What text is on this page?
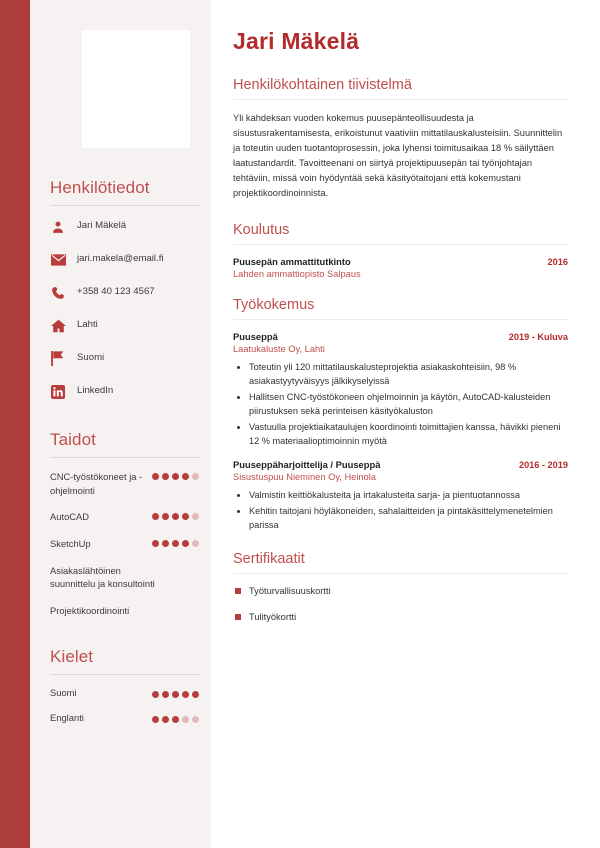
Henkilötiedot
Jari Mäkelä
jari.makela@email.fi
+358 40 123 4567
Lahti
Suomi
LinkedIn
Taidot
CNC-työstökoneet ja -ohjelmointi
AutoCAD
SketchUp
Asiakaslähtöinen suunnittelu ja konsultointi
Projektikoordinointi
Kielet
Suomi
Englanti
Jari Mäkelä
Henkilökohtainen tiivistelmä

Yli kahdeksan vuoden kokemus puusepänteollisuudesta ja sisustusrakentamisesta, erikoistunut vaativiin mittatilauskalusteisiin. Suunnittelin ja toteutin uuden tuotantoprosessin, joka lyhensi toimitusaikaa 18 % säilyttäen laatustandardit. Tavoitteenani on siirtyä projektipuusepän tai työnjohtajan tehtäviin, missä voin hyödyntää sekä käsityötaitojani että kokemustani projektikoordinoinnista.

Koulutus
Puusepän ammattitutkinto	2016
Lahden ammattiopisto Salpaus
Työkokemus
Puuseppä	2019 - Kuluva
Laatukaluste Oy, Lahti
Toteutin yli 120 mittatilauskalusteprojektia asiakaskohteisiin, 98 % asiakastyytyväisyys jälkikyselyissä
Hallitsen CNC-työstökoneen ohjelmoinnin ja käytön, AutoCAD-kalusteiden piirustuksen sekä perinteisen käsityökaluston
Vastuulla projektiaikataulujen koordinointi toimittajien kanssa, hävikki pieneni 12 % materiaalioptimoinnin myötä
Puuseppäharjoittelija / Puuseppä	2016 - 2019
Sisustuspuu Nieminen Oy, Heinola
Valmistin keittiökalusteita ja irtakalusteita sarja- ja pientuotannossa
Kehitin taitojani höyläkoneiden, sahalaitteiden ja pintakäsittelymenetelmien parissa
Sertifikaatit
Työturvallisuuskortti
Tulityökortti
